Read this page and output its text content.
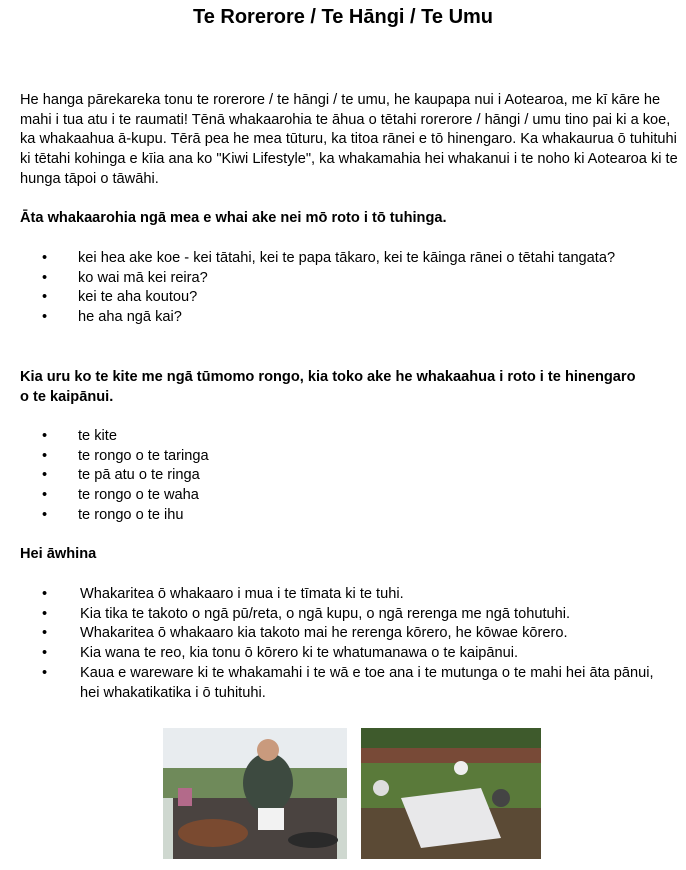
Te Rorerore / Te Hāngi / Te Umu
He hanga pārekareka tonu te rorerore / te hāngi / te umu, he kaupapa nui i Aotearoa, me kī kāre he mahi i tua atu i te raumati! Tēnā whakaarohia te āhua o tētahi rorerore / hāngi / umu tino pai ki a koe, ka whakaahua ā-kupu. Tērā pea he mea tūturu, ka titoa rānei e tō hinengaro. Ka whakaurua ō tuhituhi ki tētahi kohinga e kīia ana ko "Kiwi Lifestyle", ka whakamahia hei whakanui i te noho ki Aotearoa ki te hunga tāpoi o tāwāhi.
Āta whakaarohia ngā mea e whai ake nei mō roto i tō tuhinga.
• kei hea ake koe - kei tātahi, kei te papa tākaro, kei te kāinga rānei o tētahi tangata?
• ko wai mā kei reira?
• kei te aha koutou?
• he aha ngā kai?
Kia uru ko te kite me ngā tūmomo rongo, kia toko ake he whakaahua i roto i te hinengaro o te kaipānui.
• te kite
• te rongo o te taringa
• te pā atu o te ringa
• te rongo o te waha
• te rongo o te ihu
Hei āwhina
• Whakaritea ō whakaaro i mua i te tīmata ki te tuhi.
• Kia tika te takoto o ngā pū/reta, o ngā kupu, o ngā rerenga me ngā tohutuhi.
• Whakaritea ō whakaaro kia takoto mai he rerenga kōrero, he kōwae kōrero.
• Kia wana te reo, kia tonu ō kōrero ki te whatumanawa o te kaipānui.
• Kaua e wareware ki te whakamahi i te wā e toe ana i te mutunga o te mahi hei āta pānui, hei whakatikatika i ō tuhituhi.
